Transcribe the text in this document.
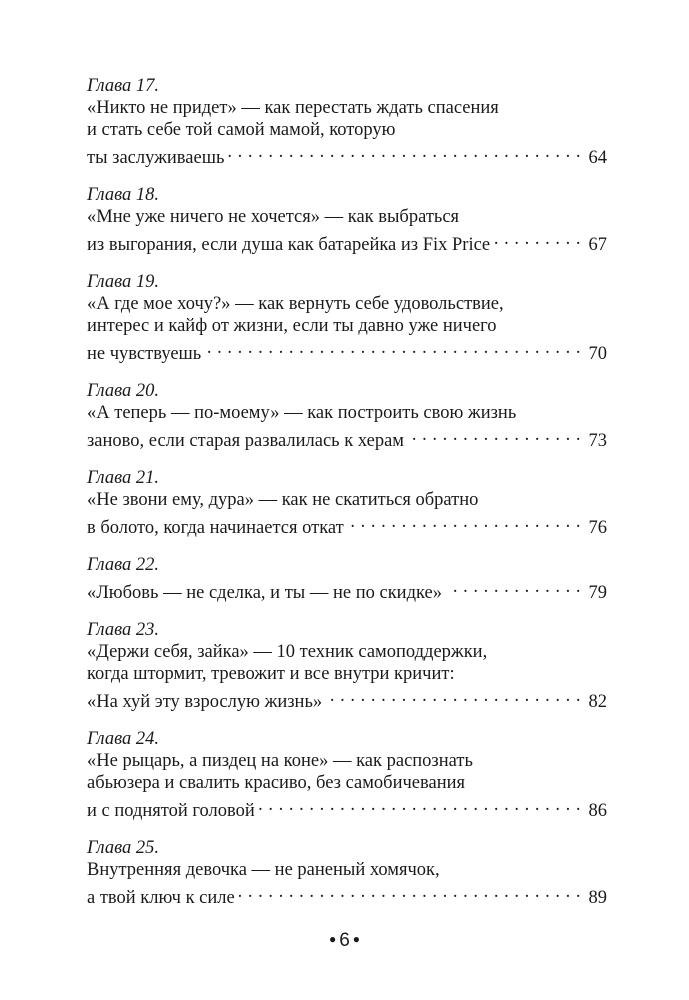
Глава 17.
«Никто не придет» — как перестать ждать спасения
и стать себе той самой мамой, которую
ты заслуживаешь . . .	64
Глава 18.
«Мне уже ничего не хочется» — как выбраться
из выгорания, если душа как батарейка из Fix Price . . .	67
Глава 19.
«А где мое хочу?» — как вернуть себе удовольствие,
интерес и кайф от жизни, если ты давно уже ничего
не чувствуешь . . .	70
Глава 20.
«А теперь — по-моему» — как построить свою жизнь
заново, если старая развалилась к херам . . .	73
Глава 21.
«Не звони ему, дура» — как не скатиться обратно
в болото, когда начинается откат . . .	76
Глава 22.
«Любовь — не сделка, и ты — не по скидке» . . .	79
Глава 23.
«Держи себя, зайка» — 10 техник самоподдержки,
когда штормит, тревожит и все внутри кричит:
«На хуй эту взрослую жизнь» . . .	82
Глава 24.
«Не рыцарь, а пиздец на коне» — как распознать
абьюзера и свалить красиво, без самобичевания
и с поднятой головой . . .	86
Глава 25.
Внутренняя девочка — не раненый хомячок,
а твой ключ к силе . . .	89
● 6 ●
